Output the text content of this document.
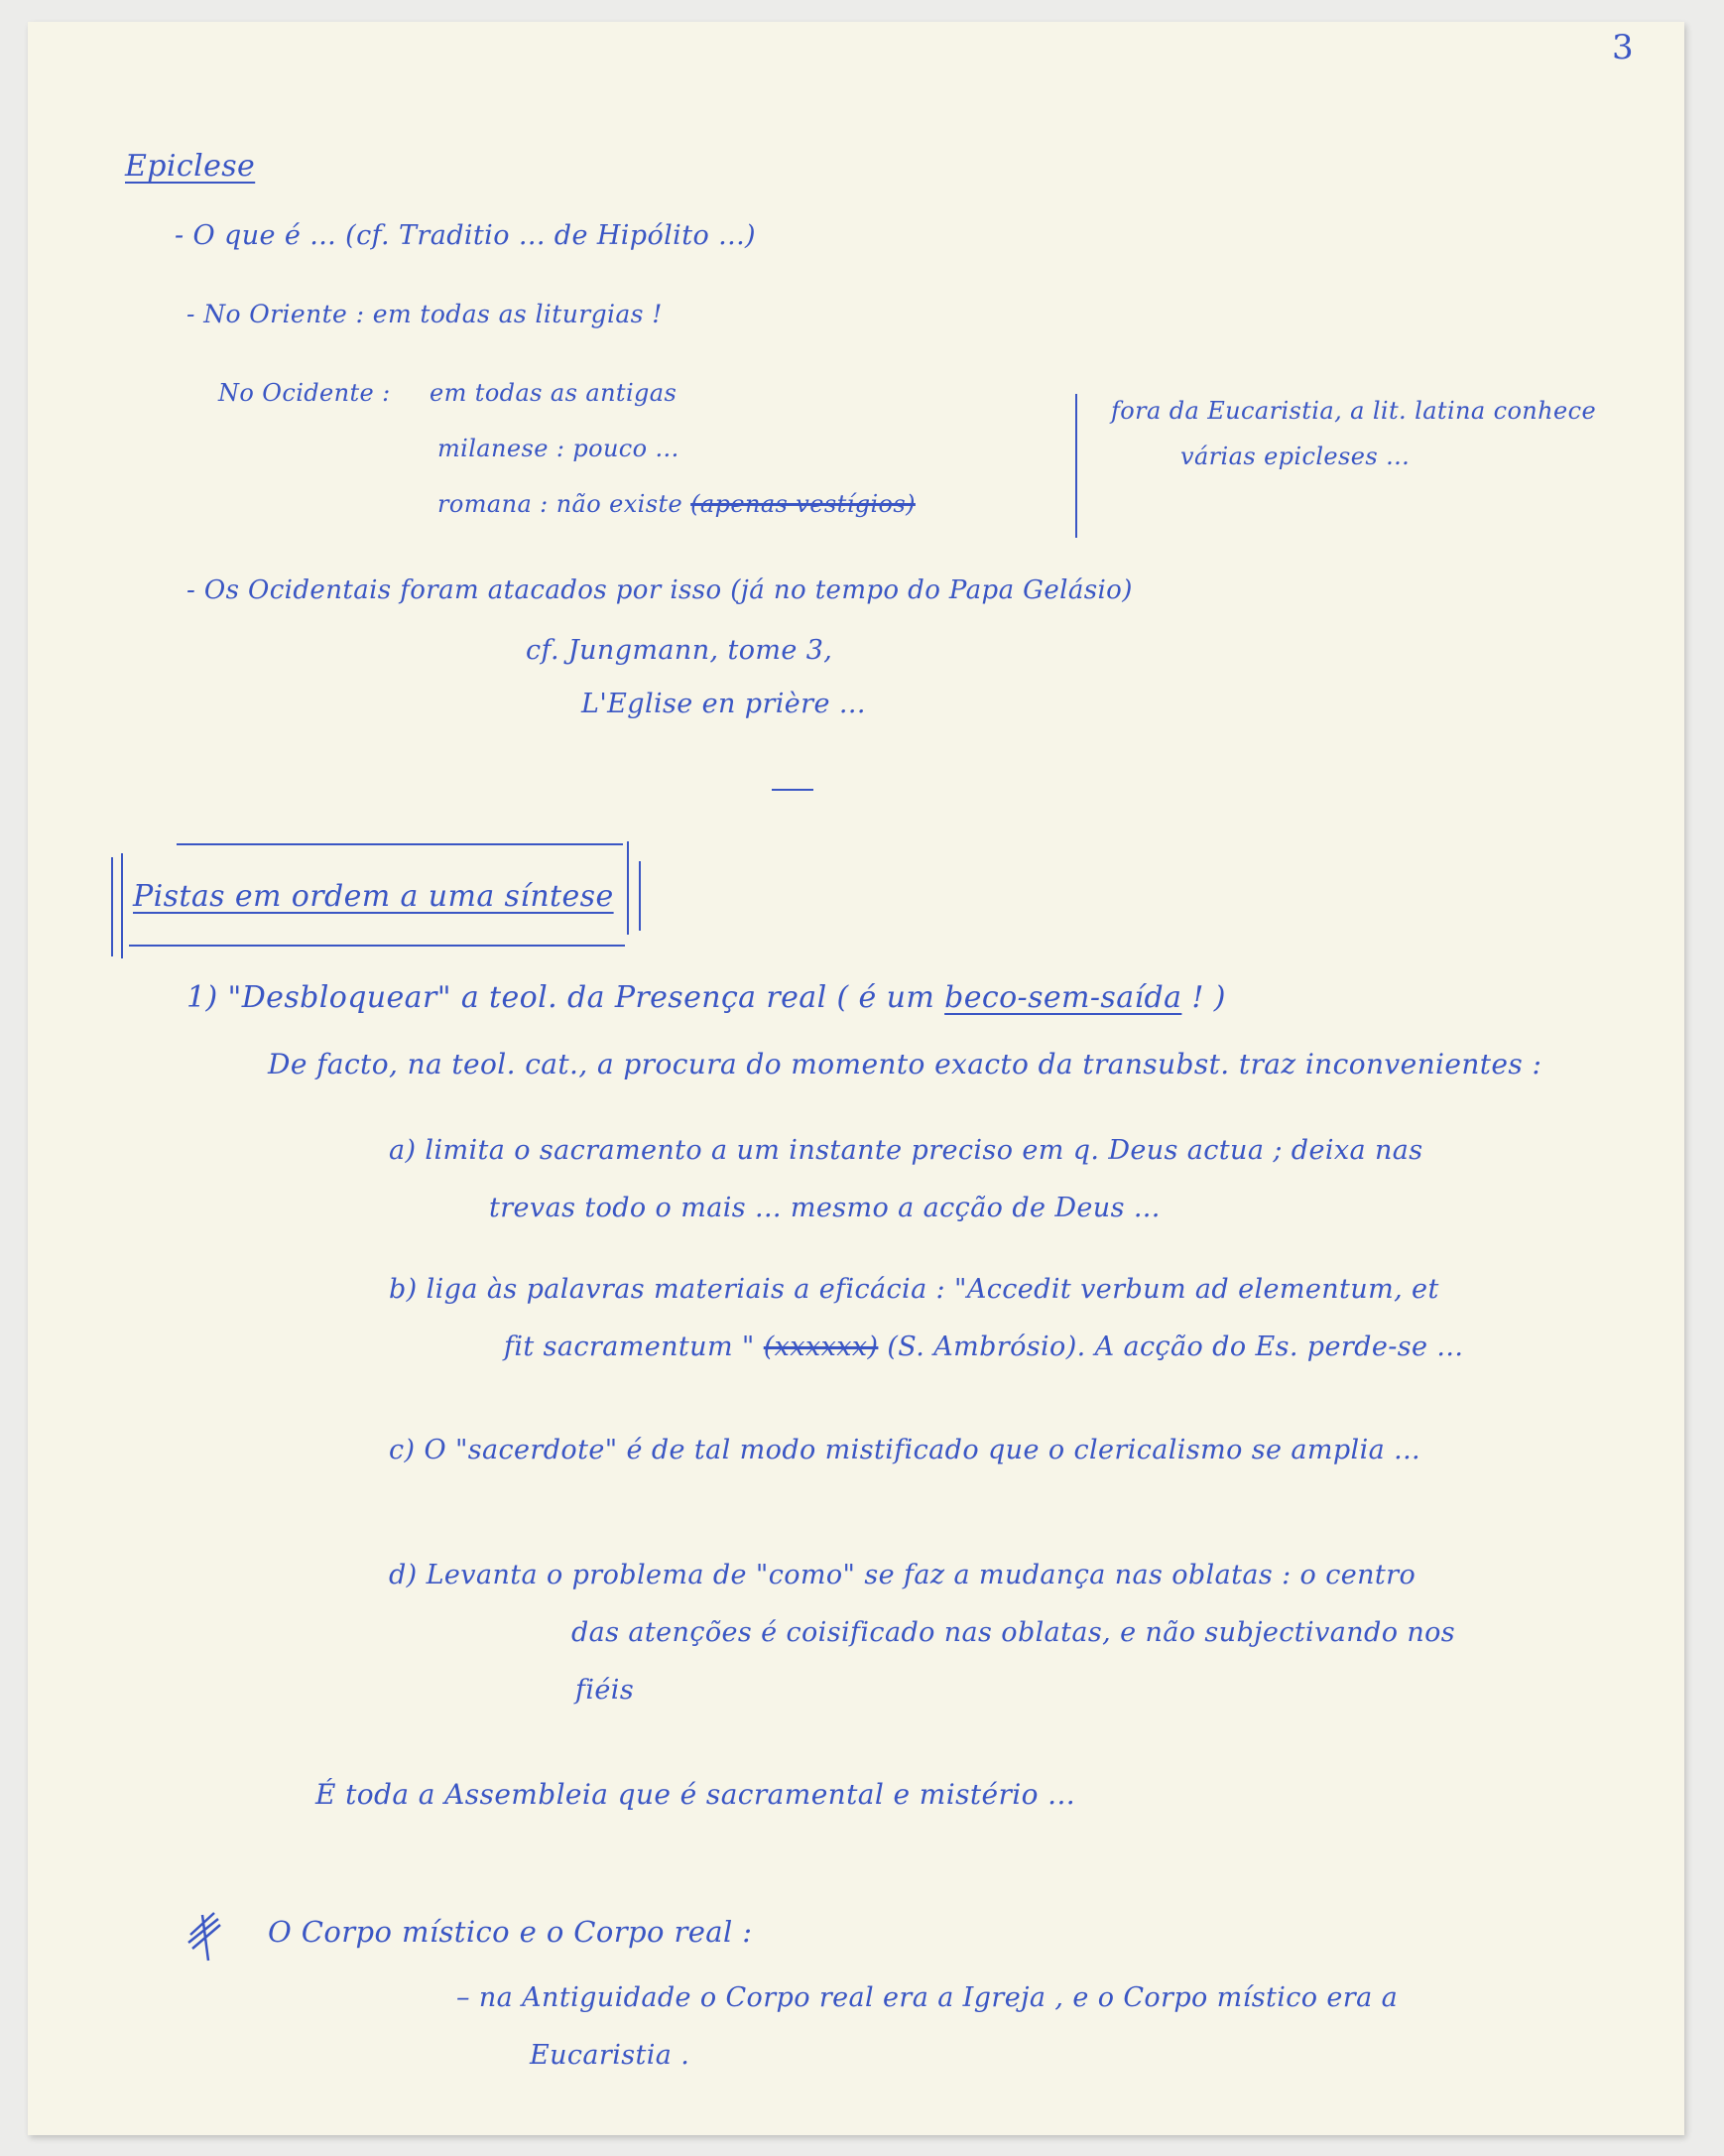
3
Epiclese
- O que é ... (cf. Traditio ... de Hipólito ...)
- No Oriente : em todas as liturgias !
No Ocidente : em todas as antigas
milanese : pouco ...
romana : não existe (apenas vestígios)
fora da Eucaristia, a lit. latina conhece
várias epicleses ...
- Os Ocidentais foram atacados por isso (já no tempo do Papa Gelásio)
cf. Jungmann, tome 3,
L'Eglise en prière ...
Pistas em ordem a uma síntese
1) "Desbloquear" a teol. da Presença real ( é um beco-sem-saída ! )
De facto, na teol. cat., a procura do momento exacto da transubst. traz inconvenientes :
a) limita o sacramento a um instante preciso em q. Deus actua ; deixa nas
trevas todo o mais ... mesmo a acção de Deus ...
b) liga às palavras materiais a eficácia : "Accedit verbum ad elementum, et
fit sacramentum " (xxxxxx) (S. Ambrósio). A acção do Es. perde-se ...
c) O "sacerdote" é de tal modo mistificado que o clericalismo se amplia ...
d) Levanta o problema de "como" se faz a mudança nas oblatas : o centro
das atenções é coisificado nas oblatas, e não subjectivando nos
fiéis
É toda a Assembleia que é sacramental e mistério ...
O Corpo místico e o Corpo real :
– na Antiguidade o Corpo real era a Igreja , e o Corpo místico era a
Eucaristia .
